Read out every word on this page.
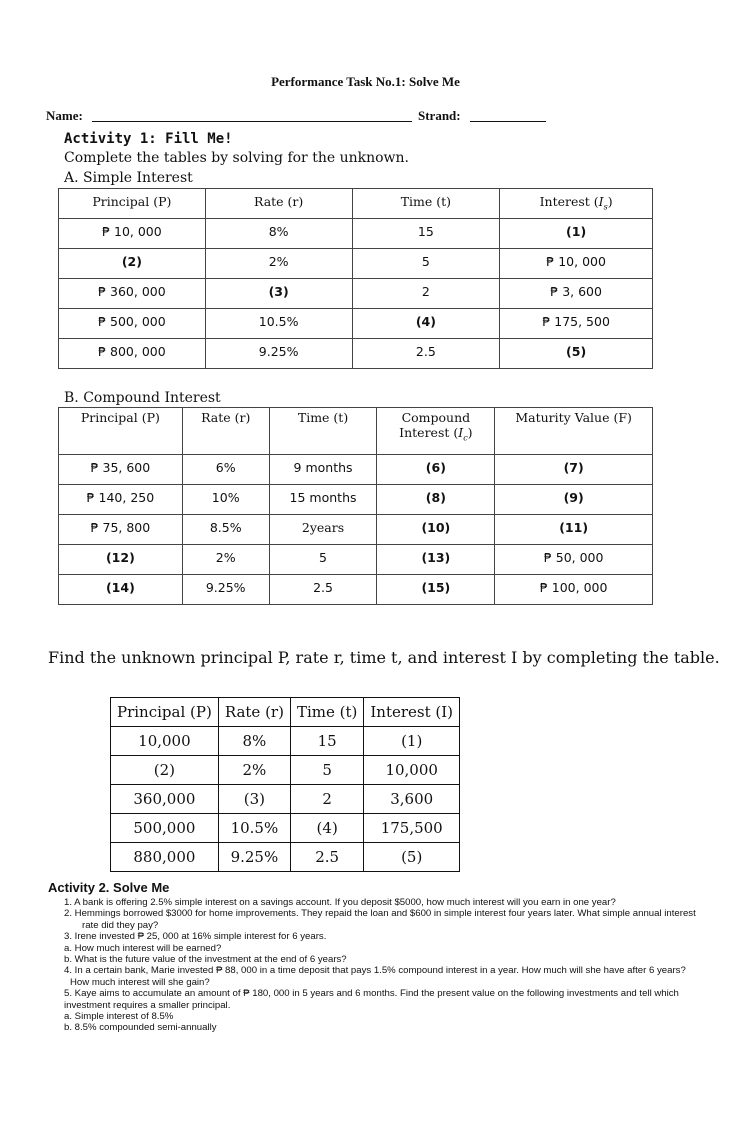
Performance Task No.1: Solve Me
Name:	Strand:
Activity 1: Fill Me!
Complete the tables by solving for the unknown.
A. Simple Interest
Principal (P)	Rate (r)	Time (t)	Interest $(I_s)$

₱ 10, 000	8%	15	(1)

(2)	2%	5	₱ 10, 000

₱ 360, 000	(3)	2	₱ 3, 600

₱ 500, 000	10.5%	(4)	₱ 175, 500

₱ 800, 000	9.25%	2.5	(5)
B. Compound Interest
Principal (P)	Rate (r)	Time (t)	Compound
Interest $(I_c)$	Maturity Value (F)

₱ 35, 600	6%	9 months	(6)	(7)

₱ 140, 250	10%	15 months	(8)	(9)

₱ 75, 800	8.5%	2years	(10)	(11)

(12)	2%	5	(13)	₱ 50, 000

(14)	9.25%	2.5	(15)	₱ 100, 000
Find the unknown principal P, rate r, time t, and interest I by completing the table.
Principal (P)	Rate (r)	Time (t)	Interest (I)
10,000	8%	15	(1)
(2)	2%	5	10,000
360,000	(3)	2	3,600
500,000	10.5%	(4)	175,500
880,000	9.25%	2.5	(5)
Activity 2. Solve Me

1. A bank is offering 2.5% simple interest on a savings account. If you deposit $5000, how much interest will you earn in one year?

2. Hemmings borrowed $3000 for home improvements. They repaid the loan and $600 in simple interest four years later. What simple annual interest rate did they pay?

3. Irene invested ₱ 25, 000 at 16% simple interest for 6 years.

a. How much interest will be earned?

b. What is the future value of the investment at the end of 6 years?

4. In a certain bank, Marie invested ₱ 88, 000 in a time deposit that pays 1.5% compound interest in a year. How much will she have after 6 years?

How much interest will she gain?

5. Kaye aims to accumulate an amount of ₱ 180, 000 in 5 years and 6 months. Find the present value on the following investments and tell which investment requires a smaller principal.

a. Simple interest of 8.5%

b. 8.5% compounded semi-annually
